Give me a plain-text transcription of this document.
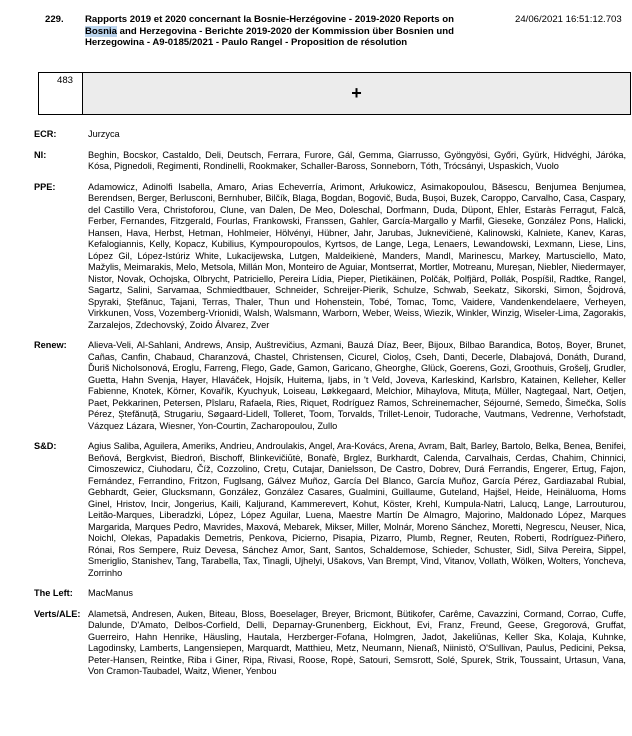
229. Rapports 2019 et 2020 concernant la Bosnie-Herzégovine - 2019-2020 Reports on Bosnia and Herzegovina - Berichte 2019-2020 der Kommission über Bosnien und Herzegowina - A9-0185/2021 - Paulo Rangel - Proposition de résolution
24/06/2021 16:51:12.703
483
+
ECR:	Jurzyca
NI:	Beghin, Bocskor, Castaldo, Deli, Deutsch, Ferrara, Furore, Gál, Gemma, Giarrusso, Gyöngyösi, Győri, Gyürk, Hidvéghi, Járóka, Kósa, Pignedoli, Regimenti, Rondinelli, Rookmaker, Schaller-Baross, Sonneborn, Tóth, Trócsányi, Uspaskich, Vuolo
PPE:	Adamowicz, Adinolfi Isabella, Amaro, Arias Echeverría, Arimont, Arłukowicz, Asimakopoulou, Băsescu, Benjumea Benjumea, Berendsen, Berger, Berlusconi, Bernhuber, Bilčík, Blaga, Bogdan, Bogovič, Buda, Bușoi, Buzek, Caroppo, Carvalho, Casa, Caspary, del Castillo Vera, Christoforou, Clune, van Dalen, De Meo, Doleschal, Dorfmann, Duda, Düpont, Ehler, Estaràs Ferragut, Falcă, Ferber, Fernandes, Fitzgerald, Fourlas, Frankowski, Franssen, Gahler, García-Margallo y Marfil, Gieseke, González Pons, Halicki, Hansen, Hava, Herbst, Hetman, Hohlmeier, Hölvényi, Hübner, Jahr, Jarubas, Juknevičienė, Kalinowski, Kalniete, Kanev, Karas, Kefalogiannis, Kelly, Kopacz, Kubilius, Kympouropoulos, Kyrtsos, de Lange, Lega, Lenaers, Lewandowski, Lexmann, Liese, Lins, López Gil, López-Istúriz White, Lukacijewska, Lutgen, Maldeikienė, Manders, Mandl, Marinescu, Markey, Martusciello, Mato, Mažylis, Meimarakis, Melo, Metsola, Millán Mon, Monteiro de Aguiar, Montserrat, Mortler, Motreanu, Mureșan, Niebler, Niedermayer, Nistor, Novak, Ochojska, Olbrycht, Patriciello, Pereira Lídia, Pieper, Pietikäinen, Polčák, Polfjärd, Pollák, Pospíšil, Radtke, Rangel, Sagartz, Salini, Sarvamaa, Schmiedtbauer, Schneider, Schreijer-Pierik, Schulze, Schwab, Seekatz, Sikorski, Simon, Šojdrová, Spyraki, Ștefănuc, Tajani, Terras, Thaler, Thun und Hohenstein, Tobé, Tomac, Tomc, Vaidere, Vandenkendelaere, Verheyen, Virkkunen, Voss, Vozemberg-Vrionidi, Walsh, Walsmann, Warborn, Weber, Weiss, Wiezik, Winkler, Winzig, Wiseler-Lima, Zagorakis, Zarzalejos, Zdechovský, Zoido Álvarez, Zver
Renew:	Alieva-Veli, Al-Sahlani, Andrews, Ansip, Auštrevičius, Azmani, Bauzá Díaz, Beer, Bijoux, Bilbao Barandica, Botoș, Boyer, Brunet, Cañas, Canfin, Chabaud, Charanzová, Chastel, Christensen, Cicurel, Cioloș, Cseh, Danti, Decerle, Dlabajová, Donáth, Durand, Ďuriš Nicholsonová, Eroglu, Farreng, Flego, Gade, Gamon, Garicano, Gheorghe, Glück, Goerens, Gozi, Groothuis, Grošelj, Grudler, Guetta, Hahn Svenja, Hayer, Hlaváček, Hojsík, Huitema, Ijabs, in 't Veld, Joveva, Karleskind, Karlsbro, Katainen, Kelleher, Keller Fabienne, Knotek, Körner, Kovařík, Kyuchyuk, Loiseau, Løkkegaard, Melchior, Mihaylova, Mituța, Müller, Nagtegaal, Nart, Oetjen, Paet, Pekkarinen, Petersen, Pîslaru, Rafaela, Ries, Riquet, Rodríguez Ramos, Schreinemacher, Séjourné, Semedo, Šimečka, Solís Pérez, Ștefănuță, Strugariu, Søgaard-Lidell, Tolleret, Toom, Torvalds, Trillet-Lenoir, Tudorache, Vautmans, Vedrenne, Verhofstadt, Vázquez Lázara, Wiesner, Yon-Courtin, Zacharopoulou, Zullo
S&D:	Agius Saliba, Aguilera, Ameriks, Andrieu, Androulakis, Angel, Ara-Kovács, Arena, Avram, Balt, Barley, Bartolo, Belka, Benea, Benifei, Beňová, Bergkvist, Biedroń, Bischoff, Blinkevičiūtė, Bonafè, Brglez, Burkhardt, Calenda, Carvalhais, Cerdas, Chahim, Chinnici, Cimoszewicz, Ciuhodaru, Číž, Cozzolino, Crețu, Cutajar, Danielsson, De Castro, Dobrev, Durá Ferrandis, Engerer, Ertug, Fajon, Fernández, Ferrandino, Fritzon, Fuglsang, Gálvez Muñoz, García Del Blanco, García Muñoz, García Pérez, Gardiazabal Rubial, Gebhardt, Geier, Glucksmann, González, González Casares, Gualmini, Guillaume, Guteland, Hajšel, Heide, Heinäluoma, Homs Ginel, Hristov, Incir, Jongerius, Kaili, Kaljurand, Kammerevert, Kohut, Köster, Krehl, Kumpula-Natri, Lalucq, Lange, Larrouturou, Leitão-Marques, Liberadzki, López, López Aguilar, Luena, Maestre Martín De Almagro, Majorino, Maldonado López, Marques Margarida, Marques Pedro, Mavrides, Maxová, Mebarek, Mikser, Miller, Molnár, Moreno Sánchez, Moretti, Negrescu, Neuser, Nica, Noichl, Olekas, Papadakis Demetris, Penkova, Picierno, Pisapia, Pizarro, Plumb, Regner, Reuten, Roberti, Rodríguez-Piñero, Rónai, Ros Sempere, Ruiz Devesa, Sánchez Amor, Sant, Santos, Schaldemose, Schieder, Schuster, Sidl, Silva Pereira, Sippel, Smeriglio, Stanishev, Tang, Tarabella, Tax, Tinagli, Ujhelyi, Ušakovs, Van Brempt, Vind, Vitanov, Vollath, Wölken, Wolters, Yoncheva, Zorrinho
The Left:	MacManus
Verts/ALE: Alametsä, Andresen, Auken, Biteau, Bloss, Boeselager, Breyer, Bricmont, Bütikofer, Carême, Cavazzini, Cormand, Corrao, Cuffe, Dalunde, D'Amato, Delbos-Corfield, Delli, Deparnay-Grunenberg, Eickhout, Evi, Franz, Freund, Geese, Gregorová, Gruffat, Guerreiro, Hahn Henrike, Häusling, Hautala, Herzberger-Fofana, Holmgren, Jadot, Jakeliūnas, Keller Ska, Kolaja, Kuhnke, Lagodinsky, Lamberts, Langensiepen, Marquardt, Matthieu, Metz, Neumann, Nienaß, Niinistö, O'Sullivan, Paulus, Pedicini, Peksa, Peter-Hansen, Reintke, Riba i Giner, Ripa, Rivasi, Roose, Ropė, Satouri, Semsrott, Solé, Spurek, Strik, Toussaint, Urtasun, Vana, Von Cramon-Taubadel, Waitz, Wiener, Yenbou
